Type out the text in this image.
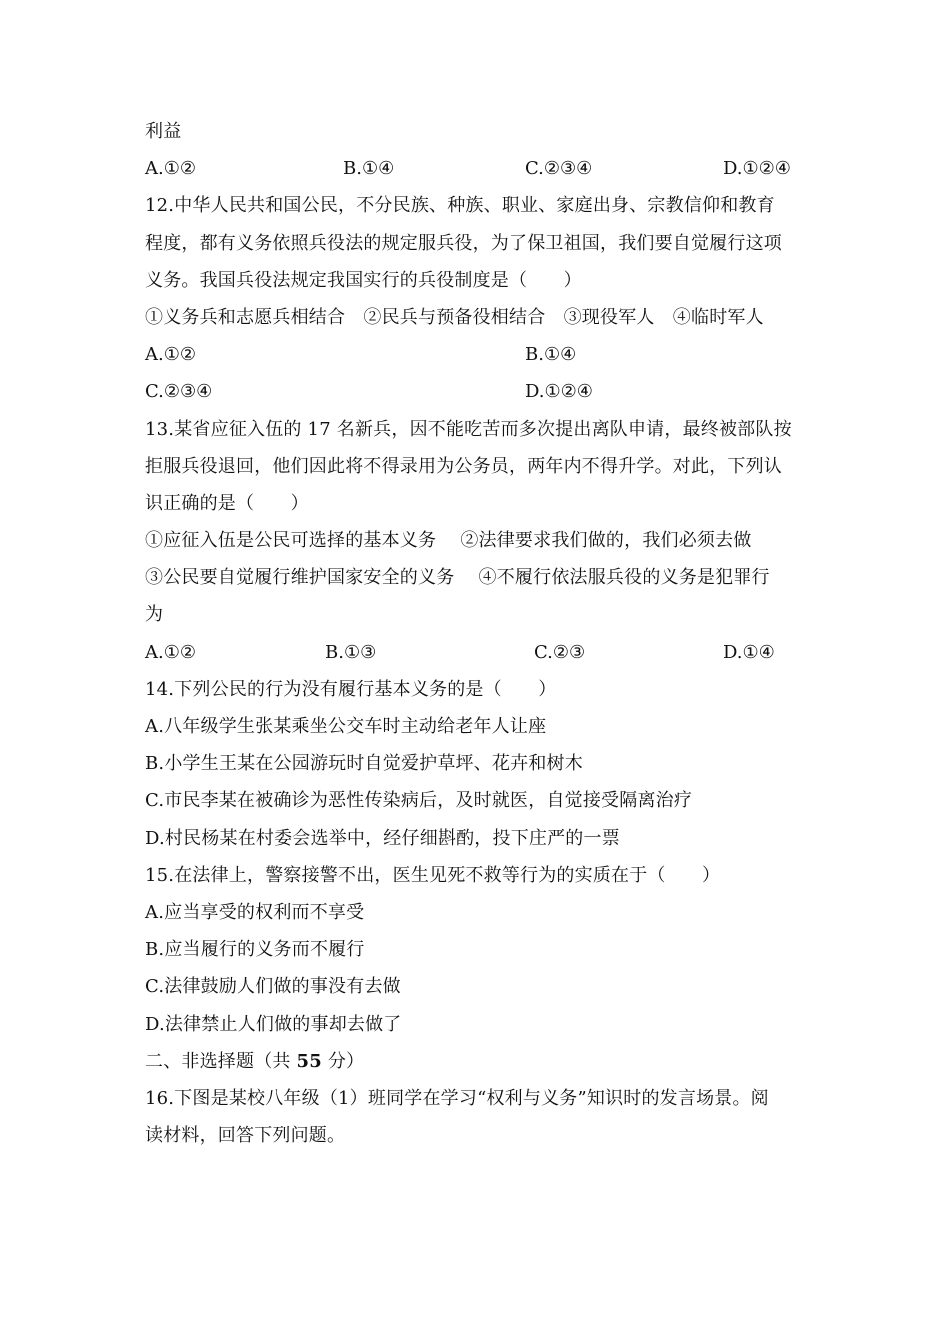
利益
A.①②	B.①④	C.②③④	D.①②④
12.中华人民共和国公民，不分民族、种族、职业、家庭出身、宗教信仰和教育
程度，都有义务依照兵役法的规定服兵役，为了保卫祖国，我们要自觉履行这项
义务。我国兵役法规定我国实行的兵役制度是（　　）
①义务兵和志愿兵相结合　②民兵与预备役相结合　③现役军人　④临时军人
A.①②	B.①④
C.②③④	D.①②④
13.某省应征入伍的 17 名新兵，因不能吃苦而多次提出离队申请，最终被部队按
拒服兵役退回，他们因此将不得录用为公务员，两年内不得升学。对此，下列认
识正确的是（　　）
①应征入伍是公民可选择的基本义务　 ②法律要求我们做的，我们必须去做
③公民要自觉履行维护国家安全的义务　 ④不履行依法服兵役的义务是犯罪行
为
A.①②	B.①③	C.②③	D.①④
14.下列公民的行为没有履行基本义务的是（　　）
A.八年级学生张某乘坐公交车时主动给老年人让座
B.小学生王某在公园游玩时自觉爱护草坪、花卉和树木
C.市民李某在被确诊为恶性传染病后，及时就医，自觉接受隔离治疗
D.村民杨某在村委会选举中，经仔细斟酌，投下庄严的一票
15.在法律上，警察接警不出，医生见死不救等行为的实质在于（　　）
A.应当享受的权利而不享受
B.应当履行的义务而不履行
C.法律鼓励人们做的事没有去做
D.法律禁止人们做的事却去做了
二、非选择题（共 55 分）
16.下图是某校八年级（1）班同学在学习“权利与义务”知识时的发言场景。阅
读材料，回答下列问题。
